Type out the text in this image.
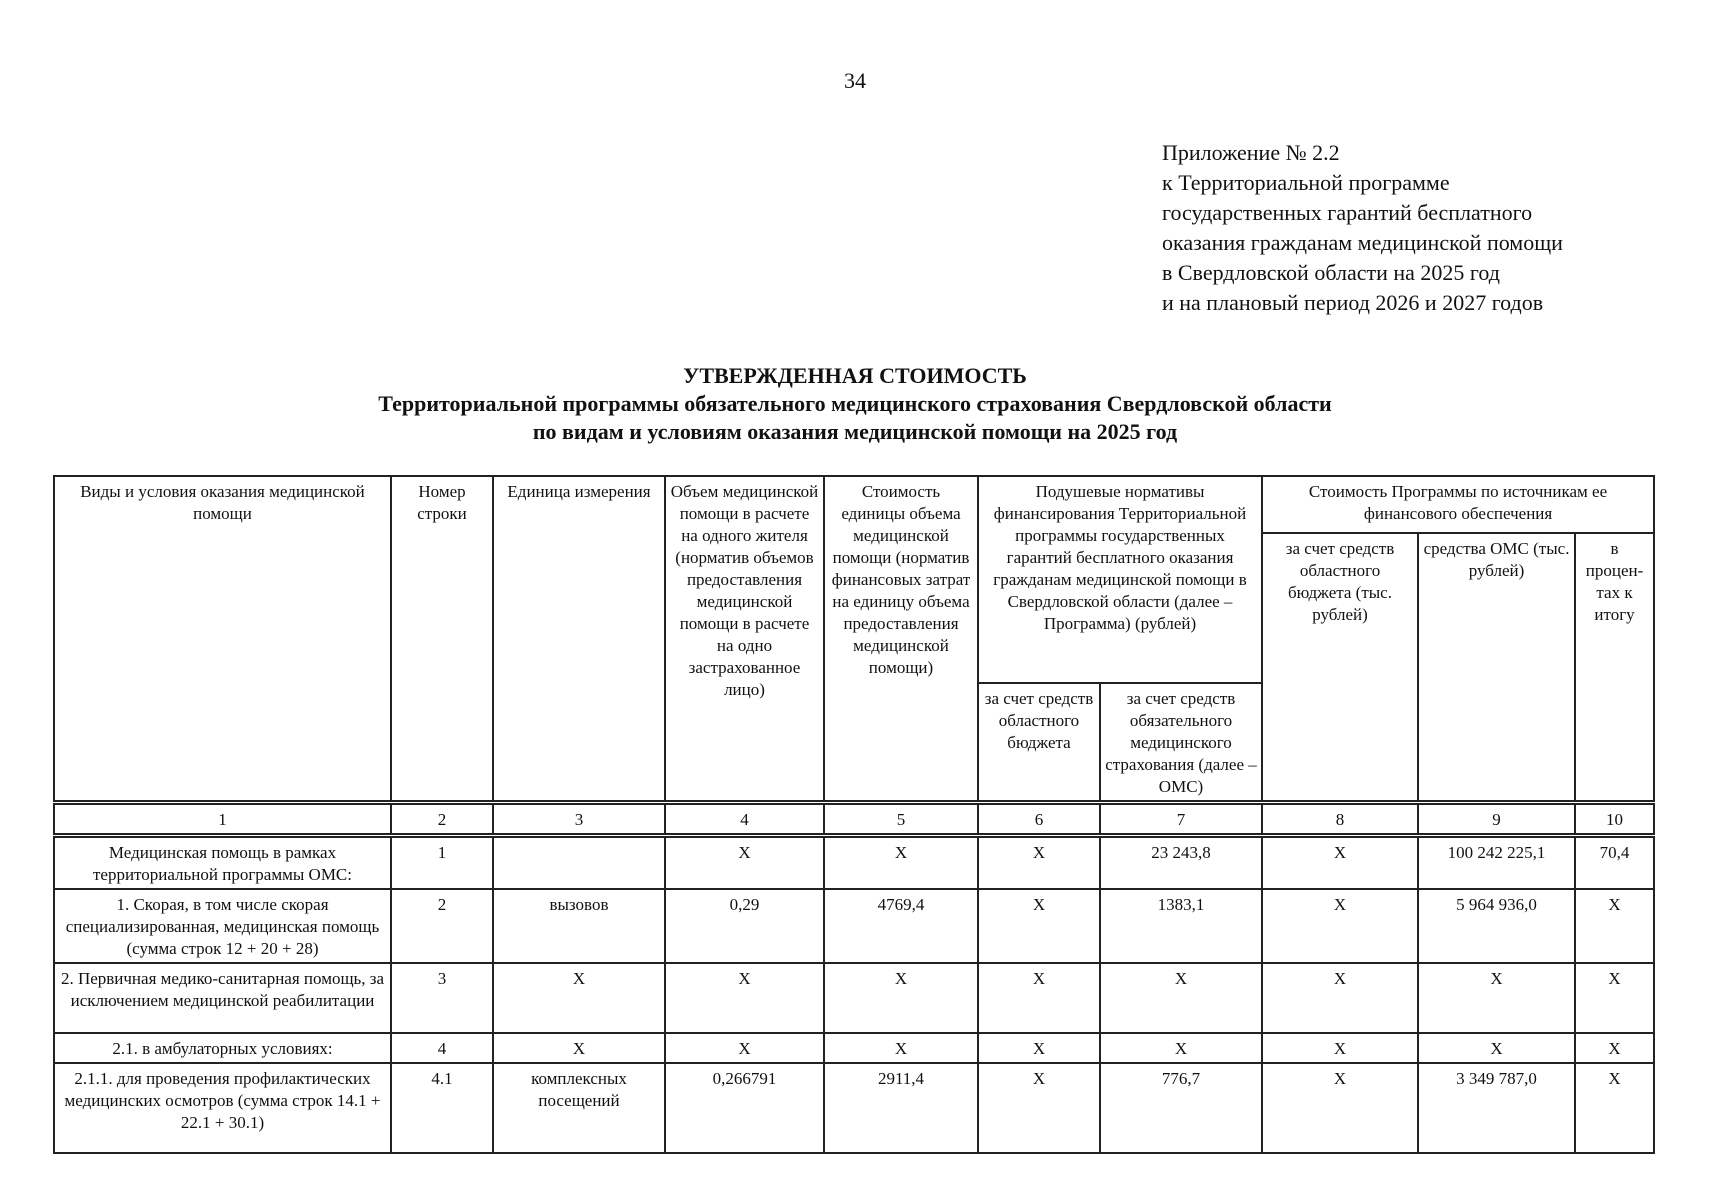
34
Приложение № 2.2
к Территориальной программе
государственных гарантий бесплатного
оказания гражданам медицинской помощи
в Свердловской области на 2025 год
и на плановый период 2026 и 2027 годов
УТВЕРЖДЕННАЯ СТОИМОСТЬ
Территориальной программы обязательного медицинского страхования Свердловской области
по видам и условиям оказания медицинской помощи на 2025 год
Виды и условия оказания медицинской помощи	Номер строки	Единица измерения	Объем медицинской помощи в расчете на одного жителя (норматив объемов предоставления медицинской помощи в расчете на одно застрахованное лицо)	Стоимость единицы объема медицинской помощи (норматив финансовых затрат на единицу объема предоставления медицинской помощи)	Подушевые нормативы финансирования Территориальной программы государственных гарантий бесплатного оказания гражданам медицинской помощи в Свердловской области (далее – Программа) (рублей)		Стоимость Программы по источникам ее финансового обеспечения		
							за счет средств областного бюджета (тыс. рублей)	средства ОМС (тыс. рублей)	в процен-тах к итогу
					за счет средств областного бюджета	за счет средств обязательного медицинского страхования (далее – ОМС)			
1	2	3	4	5	6	7	8	9	10
Медицинская помощь в рамках территориальной программы ОМС:	1		Х	Х	Х	23 243,8	Х	100 242 225,1	70,4
1. Скорая, в том числе скорая специализированная, медицинская помощь (сумма строк 12 + 20 + 28)	2	вызовов	0,29	4769,4	Х	1383,1	Х	5 964 936,0	Х
2. Первичная медико-санитарная помощь, за исключением медицинской реабилитации	3	Х	Х	Х	Х	Х	Х	Х	Х
2.1. в амбулаторных условиях:	4	Х	Х	Х	Х	Х	Х	Х	Х
2.1.1. для проведения профилактических медицинских осмотров (сумма строк 14.1 + 22.1 + 30.1)	4.1	комплексных посещений	0,266791	2911,4	Х	776,7	Х	3 349 787,0	Х
